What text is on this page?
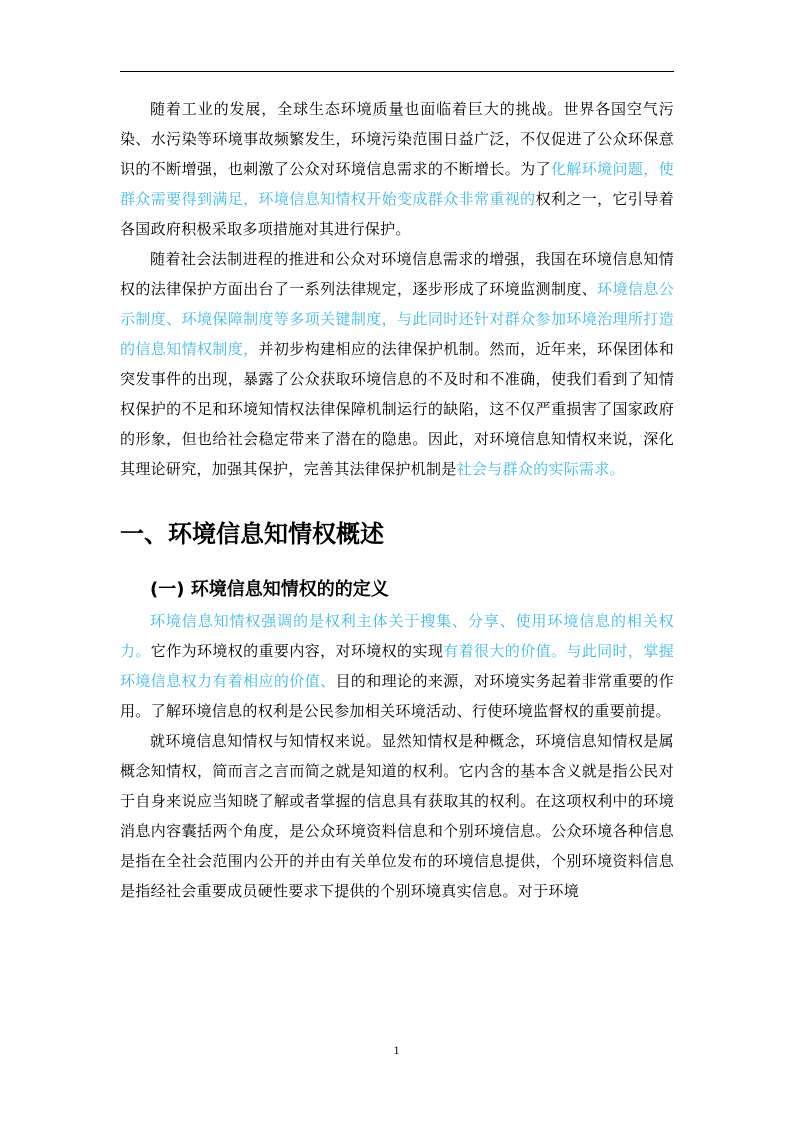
随着工业的发展，全球生态环境质量也面临着巨大的挑战。世界各国空气污染、水污染等环境事故频繁发生，环境污染范围日益广泛，不仅促进了公众环保意识的不断增强，也刺激了公众对环境信息需求的不断增长。为了化解环境问题，使群众需要得到满足，环境信息知情权开始变成群众非常重视的权利之一，它引导着各国政府积极采取多项措施对其进行保护。

随着社会法制进程的推进和公众对环境信息需求的增强，我国在环境信息知情权的法律保护方面出台了一系列法律规定，逐步形成了环境监测制度、环境信息公示制度、环境保障制度等多项关键制度，与此同时还针对群众参加环境治理所打造的信息知情权制度，并初步构建相应的法律保护机制。然而，近年来，环保团体和突发事件的出现，暴露了公众获取环境信息的不及时和不准确，使我们看到了知情权保护的不足和环境知情权法律保障机制运行的缺陷，这不仅严重损害了国家政府的形象，但也给社会稳定带来了潜在的隐患。因此，对环境信息知情权来说，深化其理论研究，加强其保护，完善其法律保护机制是社会与群众的实际需求。

一、环境信息知情权概述
(一) 环境信息知情权的的定义

环境信息知情权强调的是权利主体关于搜集、分享、使用环境信息的相关权力。它作为环境权的重要内容，对环境权的实现有着很大的价值。与此同时，掌握环境信息权力有着相应的价值、目的和理论的来源，对环境实务起着非常重要的作用。了解环境信息的权利是公民参加相关环境活动、行使环境监督权的重要前提。

就环境信息知情权与知情权来说。显然知情权是种概念，环境信息知情权是属概念知情权，简而言之言而简之就是知道的权利。它内含的基本含义就是指公民对于自身来说应当知晓了解或者掌握的信息具有获取其的权利。在这项权利中的环境消息内容囊括两个角度，是公众环境资料信息和个别环境信息。公众环境各种信息是指在全社会范围内公开的并由有关单位发布的环境信息提供，个别环境资料信息是指经社会重要成员硬性要求下提供的个别环境真实信息。对于环境

1
